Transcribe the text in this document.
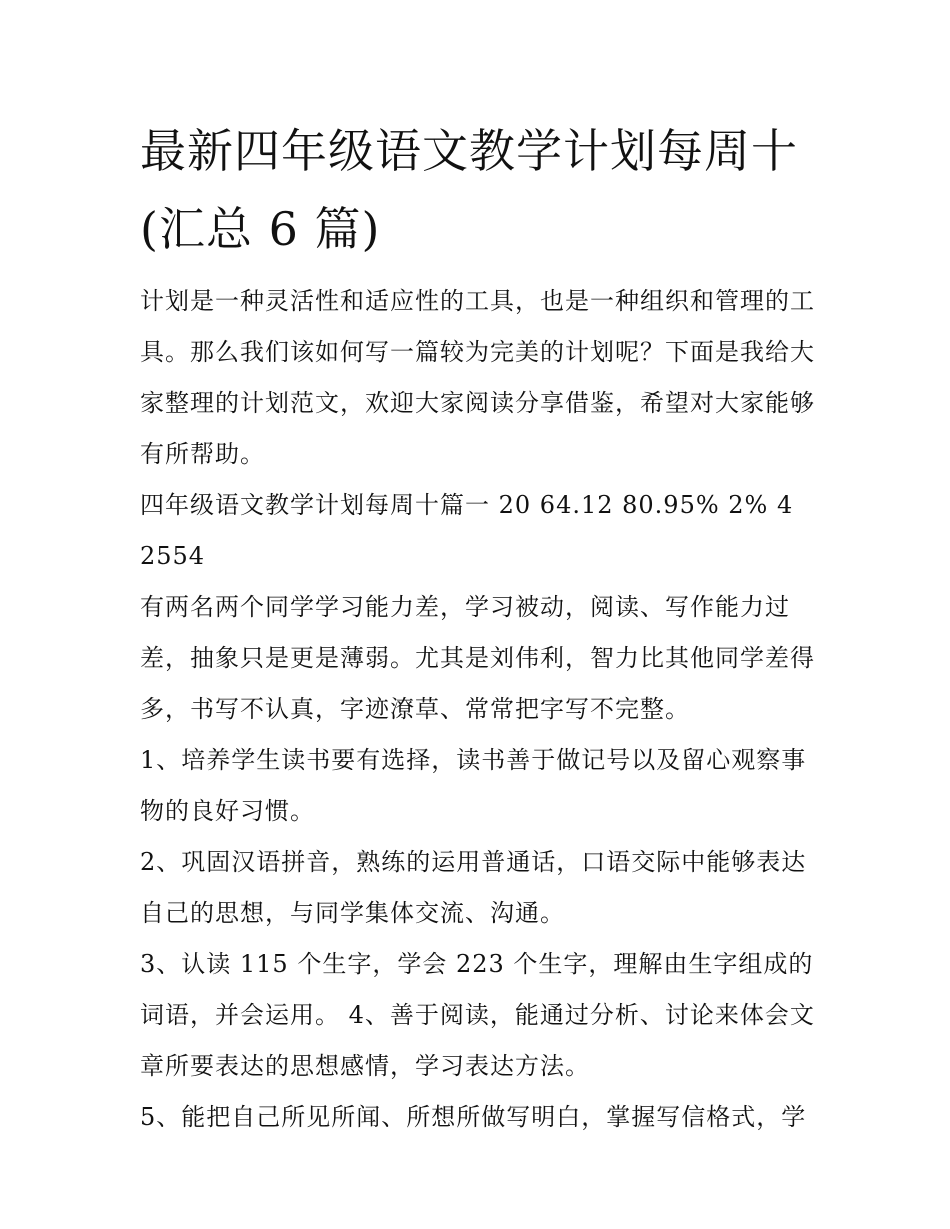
最新四年级语文教学计划每周十(汇总 6 篇)

计划是一种灵活性和适应性的工具，也是一种组织和管理的工具。那么我们该如何写一篇较为完美的计划呢？下面是我给大家整理的计划范文，欢迎大家阅读分享借鉴，希望对大家能够有所帮助。

四年级语文教学计划每周十篇一 20 64.12 80.95% 2% 4 2554

有两名两个同学学习能力差，学习被动，阅读、写作能力过差，抽象只是更是薄弱。尤其是刘伟利，智力比其他同学差得多，书写不认真，字迹潦草、常常把字写不完整。

1、培养学生读书要有选择，读书善于做记号以及留心观察事物的良好习惯。

2、巩固汉语拼音，熟练的运用普通话，口语交际中能够表达自己的思想，与同学集体交流、沟通。

3、认读 115 个生字，学会 223 个生字，理解由生字组成的词语，并会运用。 4、善于阅读，能通过分析、讨论来体会文章所要表达的思想感情，学习表达方法。

5、能把自己所见所闻、所想所做写明白，掌握写信格式，学
